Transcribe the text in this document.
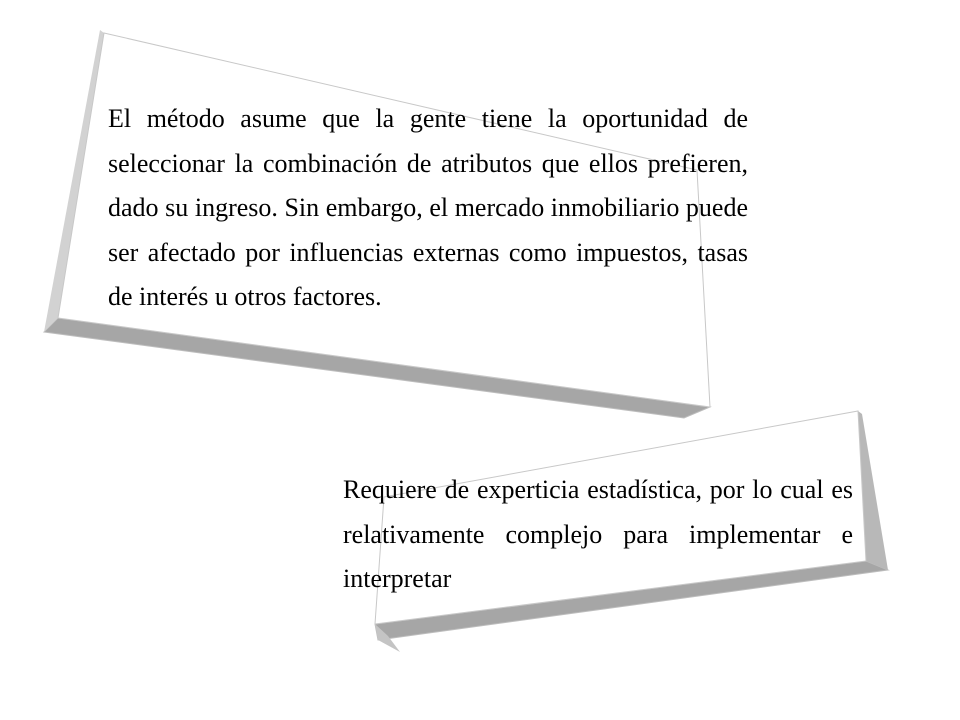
El método asume que la gente tiene la oportunidad de seleccionar la combinación de atributos que ellos prefieren, dado su ingreso. Sin embargo, el mercado inmobiliario puede ser afectado por influencias externas como impuestos, tasas de interés u otros factores.

Requiere de experticia estadística, por lo cual es relativamente complejo para implementar e interpretar
